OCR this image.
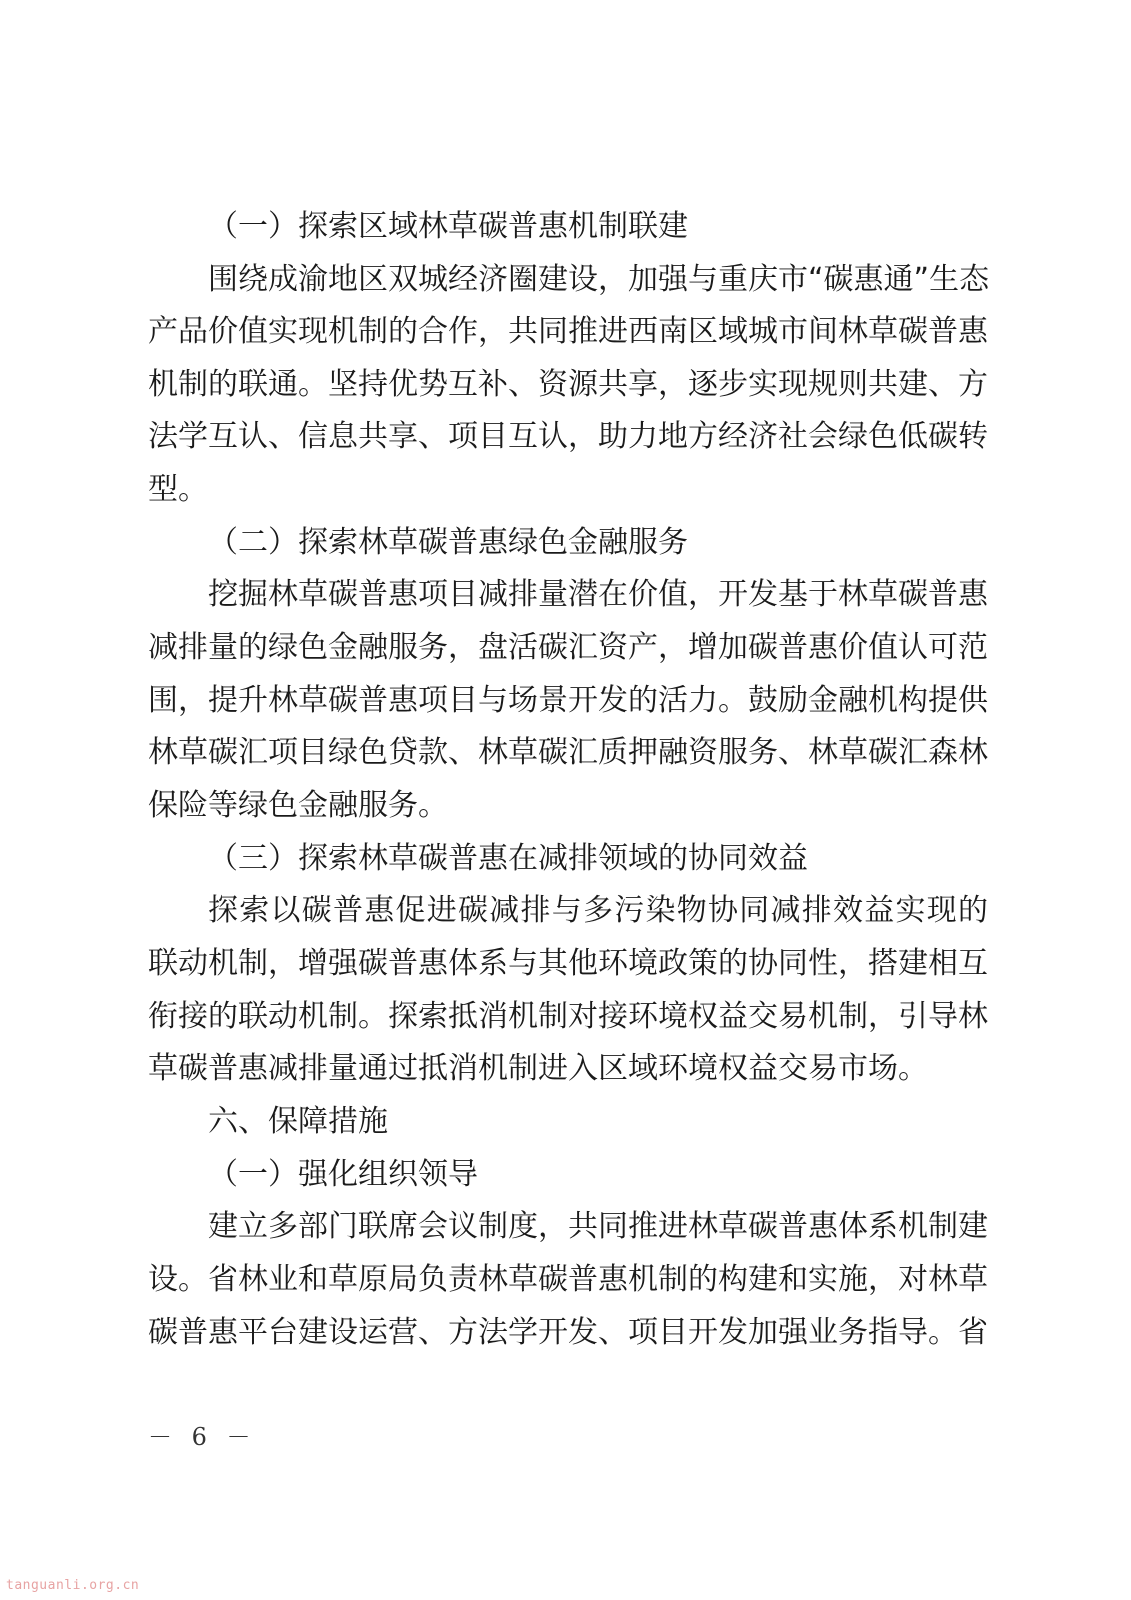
（一）探索区域林草碳普惠机制联建

围绕成渝地区双城经济圈建设，加强与重庆市“碳惠通”生态

产品价值实现机制的合作，共同推进西南区域城市间林草碳普惠

机制的联通。坚持优势互补、资源共享，逐步实现规则共建、方

法学互认、信息共享、项目互认，助力地方经济社会绿色低碳转

型。

（二）探索林草碳普惠绿色金融服务

挖掘林草碳普惠项目减排量潜在价值，开发基于林草碳普惠

减排量的绿色金融服务，盘活碳汇资产，增加碳普惠价值认可范

围，提升林草碳普惠项目与场景开发的活力。鼓励金融机构提供

林草碳汇项目绿色贷款、林草碳汇质押融资服务、林草碳汇森林

保险等绿色金融服务。

（三）探索林草碳普惠在减排领域的协同效益

探索以碳普惠促进碳减排与多污染物协同减排效益实现的

联动机制，增强碳普惠体系与其他环境政策的协同性，搭建相互

衔接的联动机制。探索抵消机制对接环境权益交易机制，引导林

草碳普惠减排量通过抵消机制进入区域环境权益交易市场。

六、保障措施

（一）强化组织领导

建立多部门联席会议制度，共同推进林草碳普惠体系机制建

设。省林业和草原局负责林草碳普惠机制的构建和实施，对林草

碳普惠平台建设运营、方法学开发、项目开发加强业务指导。省

－ 6 －
tanguanli.org.cn
